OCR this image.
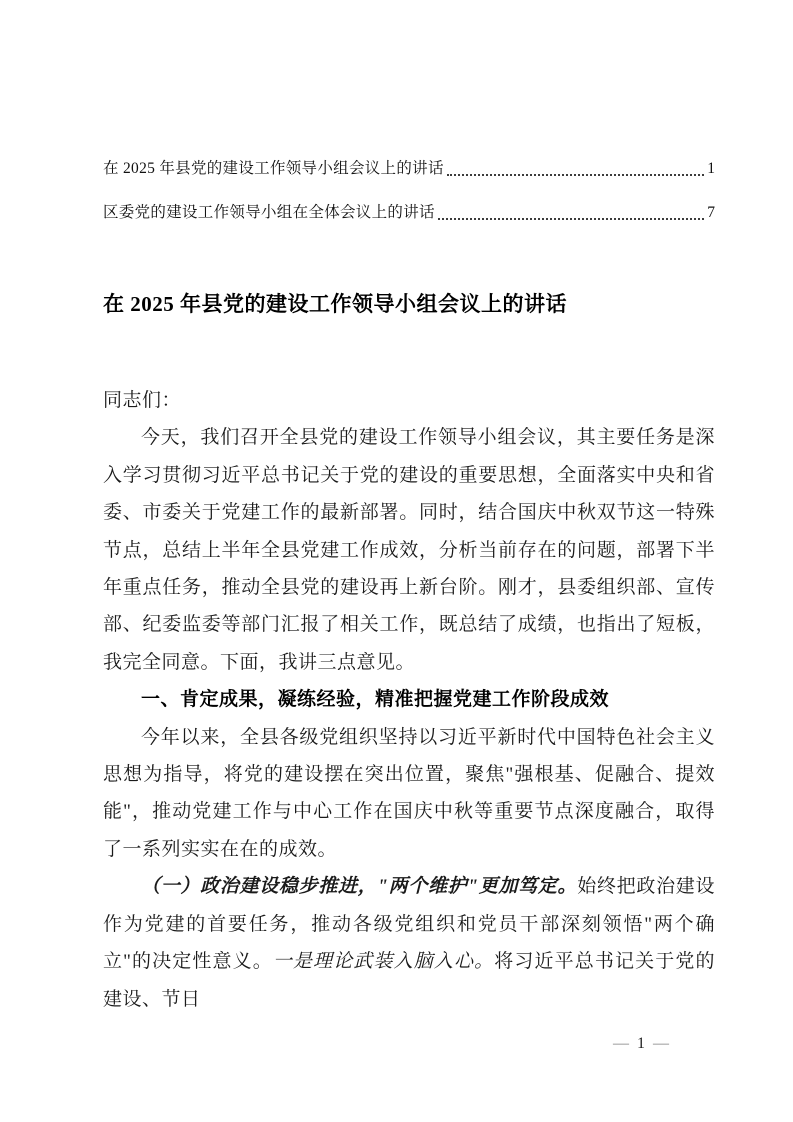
在 2025 年县党的建设工作领导小组会议上的讲话	1
区委党的建设工作领导小组在全体会议上的讲话	7
在 2025 年县党的建设工作领导小组会议上的讲话

同志们：

今天，我们召开全县党的建设工作领导小组会议，其主要任务是深入学习贯彻习近平总书记关于党的建设的重要思想，全面落实中央和省委、市委关于党建工作的最新部署。同时，结合国庆中秋双节这一特殊节点，总结上半年全县党建工作成效，分析当前存在的问题，部署下半年重点任务，推动全县党的建设再上新台阶。刚才，县委组织部、宣传部、纪委监委等部门汇报了相关工作，既总结了成绩，也指出了短板，我完全同意。下面，我讲三点意见。

一、肯定成果，凝练经验，精准把握党建工作阶段成效

今年以来，全县各级党组织坚持以习近平新时代中国特色社会主义思想为指导，将党的建设摆在突出位置，聚焦"强根基、促融合、提效能"，推动党建工作与中心工作在国庆中秋等重要节点深度融合，取得了一系列实实在在的成效。

（一）政治建设稳步推进，"两个维护"更加笃定。始终把政治建设作为党建的首要任务，推动各级党组织和党员干部深刻领悟"两个确立"的决定性意义。一是理论武装入脑入心。将习近平总书记关于党的建设、节日

— 1 —
